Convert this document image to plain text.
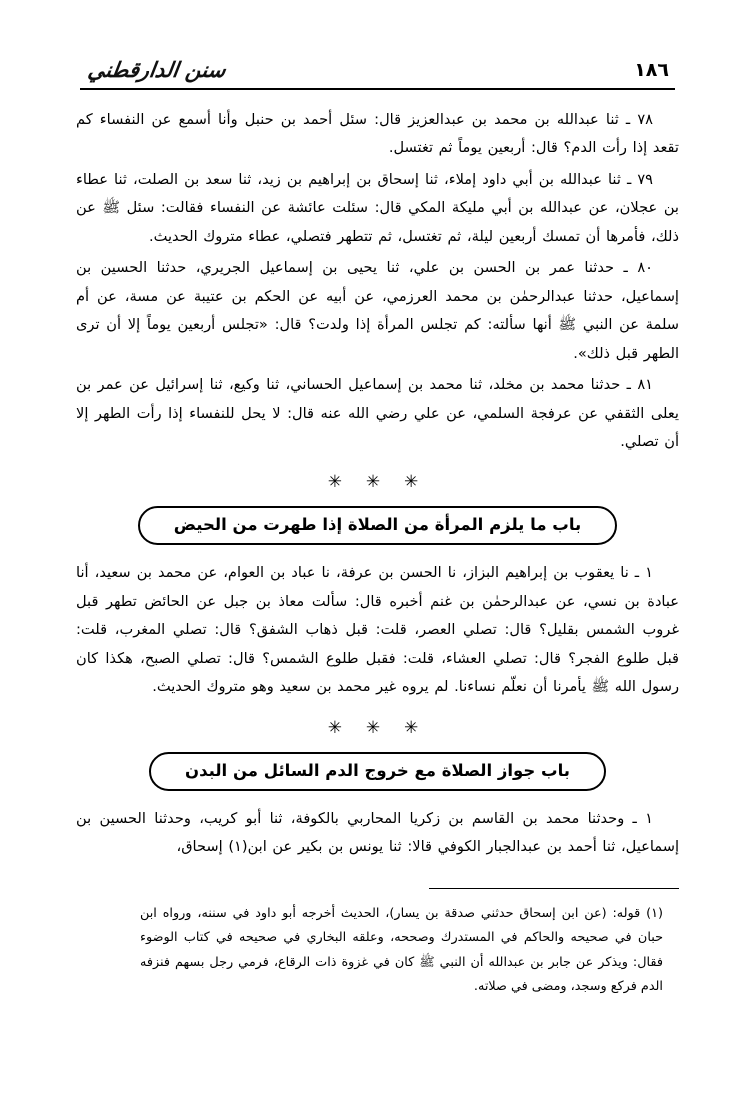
سنن الدارقطني	١٨٦

٧٨ ـ ثنا عبدالله بن محمد بن عبدالعزيز قال: سئل أحمد بن حنبل وأنا أسمع عن النفساء كم تقعد إذا رأت الدم؟ قال: أربعين يوماً ثم تغتسل.

٧٩ ـ ثنا عبدالله بن أبي داود إملاء، ثنا إسحاق بن إبراهيم بن زيد، ثنا سعد بن الصلت، ثنا عطاء بن عجلان، عن عبدالله بن أبي مليكة المكي قال: سئلت عائشة عن النفساء فقالت: سئل ﷺ عن ذلك، فأمرها أن تمسك أربعين ليلة، ثم تغتسل، ثم تتطهر فتصلي، عطاء متروك الحديث.

٨٠ ـ حدثنا عمر بن الحسن بن علي، ثنا يحيى بن إسماعيل الجريري، حدثنا الحسين بن إسماعيل، حدثنا عبدالرحمٰن بن محمد العرزمي، عن أبيه عن الحكم بن عتيبة عن مسة، عن أم سلمة عن النبي ﷺ أنها سألته: كم تجلس المرأة إذا ولدت؟ قال: «تجلس أربعين يوماً إلا أن ترى الطهر قبل ذلك».

٨١ ـ حدثنا محمد بن مخلد، ثنا محمد بن إسماعيل الحساني، ثنا وكيع، ثنا إسرائيل عن عمر بن يعلى الثقفي عن عرفجة السلمي، عن علي رضي الله عنه قال: لا يحل للنفساء إذا رأت الطهر إلا أن تصلي.

✳ ✳ ✳
باب ما يلزم المرأة من الصلاة إذا طهرت من الحيض

١ ـ نا يعقوب بن إبراهيم البزاز، نا الحسن بن عرفة، نا عباد بن العوام، عن محمد بن سعيد، أنا عبادة بن نسي، عن عبدالرحمٰن بن غنم أخبره قال: سألت معاذ بن جبل عن الحائض تطهر قبل غروب الشمس بقليل؟ قال: تصلي العصر، قلت: قبل ذهاب الشفق؟ قال: تصلي المغرب، قلت: قبل طلوع الفجر؟ قال: تصلي العشاء، قلت: فقبل طلوع الشمس؟ قال: تصلي الصبح، هكذا كان رسول الله ﷺ يأمرنا أن نعلّم نساءنا. لم يروه غير محمد بن سعيد وهو متروك الحديث.

✳ ✳ ✳
باب جواز الصلاة مع خروج الدم السائل من البدن

١ ـ وحدثنا محمد بن القاسم بن زكريا المحاربي بالكوفة، ثنا أبو كريب، وحدثنا الحسين بن إسماعيل، ثنا أحمد بن عبدالجبار الكوفي قالا: ثنا يونس بن بكير عن ابن(١) إسحاق،

(١) قوله: (عن ابن إسحاق حدثني صدقة بن يسار)، الحديث أخرجه أبو داود في سننه، ورواه ابن حبان في صحيحه والحاكم في المستدرك وصححه، وعلقه البخاري في صحيحه في كتاب الوضوء فقال: ويذكر عن جابر بن عبدالله أن النبي ﷺ كان في غزوة ذات الرقاع، فرمي رجل بسهم فنزفه الدم فركع وسجد، ومضى في صلاته.
